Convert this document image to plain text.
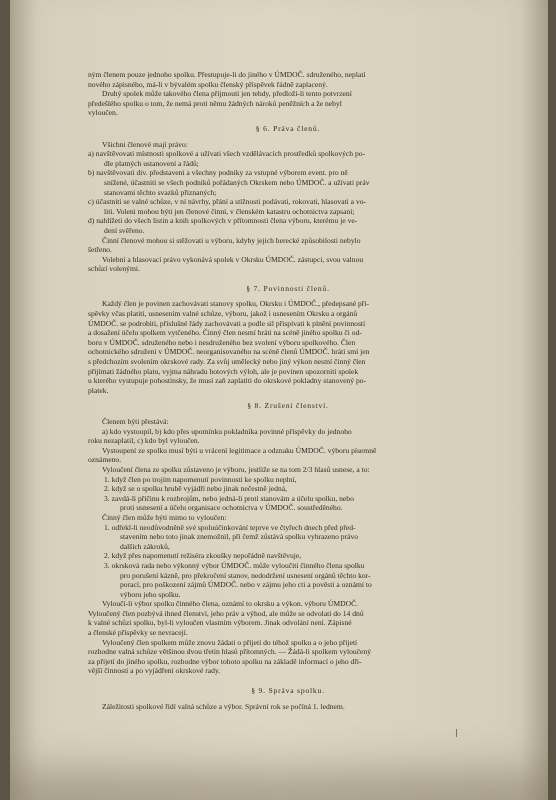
ným členem pouze jednoho spolku. Přestupuje-li do jiného v ÚMDOČ. sdruženého, neplatí

nového zápisného, má-li v bývalém spolku členský příspěvek řádně zaplacený.

Druhý spolek může takového člena přijmouti jen tehdy, předloží-li tento potvrzení

předešlého spolku o tom, že nemá proti němu žádných nároků peněžních a že nebyl

vyloučen.

§ 6. Práva členů.

Všichni členové mají právo:

a) navštěvovati místnosti spolkové a užívati všech vzdělávacích prostředků spolkových po-

dle platných ustanovení a řádů;

b) navštěvovati div. představení a všechny podniky za vstupné výborem event. pro ně

snížené, účastniti se všech podniků pořádaných Okrskem nebo ÚMDOČ. a užívati práv

stanovami těchto svazků přiznaných;

c) účastniti se valné schůze, v ní návrhy, přání a stížnosti podávati, rokovati, hlasovati a vo-

liti. Voleni mohou býti jen členové činní, v členském katastru ochotnictva zapsaní;

d) nahlížeti do všech listin a knih spolkových v přítomnosti člena výboru, kterému je ve-

dení svěřeno.

Činní členové mohou si stěžovati u výboru, kdyby jejich herecké způsobilosti nebylo

šetřeno.

Volební a hlasovací právo vykonává spolek v Okrsku ÚMDOČ. zástupci, svou valnou

schůzí volenými.

§ 7. Povinnosti členů.

Každý člen je povinen zachovávati stanovy spolku, Okrsku i ÚMDOČ., předepsané pří-

spěvky včas platiti, usnesením valné schůze, výboru, jakož i usnesením Okrsku a orgánů

ÚMDOČ. se podrobiti, příslušné řády zachovávati a podle sil přispívati k plnění povinností

a dosažení účelu spolkem vytčeného. Činný člen nesmí hráti na scéně jiného spolku či od-

boru v ÚMDOČ. sdruženého nebo i nesdruženého bez svolení výboru spolkového. Člen

ochotnického sdružení v ÚMDOČ. neorganisovaného na scéně členů ÚMDOČ. hráti smí jen

s předchozím svolením okrskové rady. Za svůj umělecký nebo jiný výkon nesmí činný člen

přijímati žádného platu, vyjma náhradu hotových výloh, ale je povinen upozorniti spolek

u kterého vystupuje pohostinsky, že musí zaň zaplatiti do okrskové pokladny stanovený po-

platek.

§ 8. Zrušení členství.

Členem býti přestává:

a) kdo vystoupil, b) kdo přes upomínku pokladníka povinné příspěvky do jednoho

roku nezaplatil, c) kdo byl vyloučen.

Vystoupení ze spolku musí býti u vrácení legitimace a odznaku ÚMDOČ. výboru písemně

oznámeno.

Vyloučení člena ze spolku zůstaveno je výboru, jestliže se na tom 2/3 hlasů usnese, a to:

1. když člen po trojím napomenutí povinnosti ke spolku neplní,

2. když se o spolku hrubě vyjádří nebo jinak nečestně jedná,

3. zavdá-li příčinu k rozbrojům, nebo jedná-li proti stanovám a účelu spolku, nebo

proti usnesení a účelu organisace ochotnictva v ÚMDOČ. soustředěného.

Činný člen může býti mimo to vyloučen:

1. odřekl-li neodůvodněně své spoluúčinkování teprve ve čtyřech dnech před před-

stavením nebo toto jinak znemožnil, při čemž zůstává spolku vyhrazeno právo

dalších zákroků,

2. když přes napomenutí režiséra zkoušky nepořádně navštěvuje,

3. okrsková rada nebo výkonný výbor ÚMDOČ. může vyloučiti činného člena spolku

pro porušení kázně, pro překročení stanov, nedodržení usnesení orgánů těchto kor-

porací, pro poškození zájmů ÚMDOČ. nebo v zájmu jeho cti a pověsti a oznámí to

výboru jeho spolku.

Vyloučí-li výbor spolku činného člena, oznámí to okrsku a výkon. výboru ÚMDOČ.

Vyloučený člen pozbývá ihned členství, jeho práv a výhod, ale může se odvolati do 14 dnů

k valné schůzi spolku, byl-li vyloučen vlastním výborem. Jinak odvolání není. Zápisné

a členské příspěvky se nevracejí.

Vyloučený člen spolkem může znovu žádati o přijetí do téhož spolku a o jeho přijetí

rozhodne valná schůze většinou dvou třetin hlasů přítomných. — Žádá-li spolkem vyloučený

za přijetí do jiného spolku, rozhodne výbor tohoto spolku na základě informací o jeho dři-

vější činnosti a po vyjádření okrskové rady.

§ 9. Správa spolku.

Záležitosti spolkové řídí valná schůze a výbor. Správní rok se počíná 1. lednem.
